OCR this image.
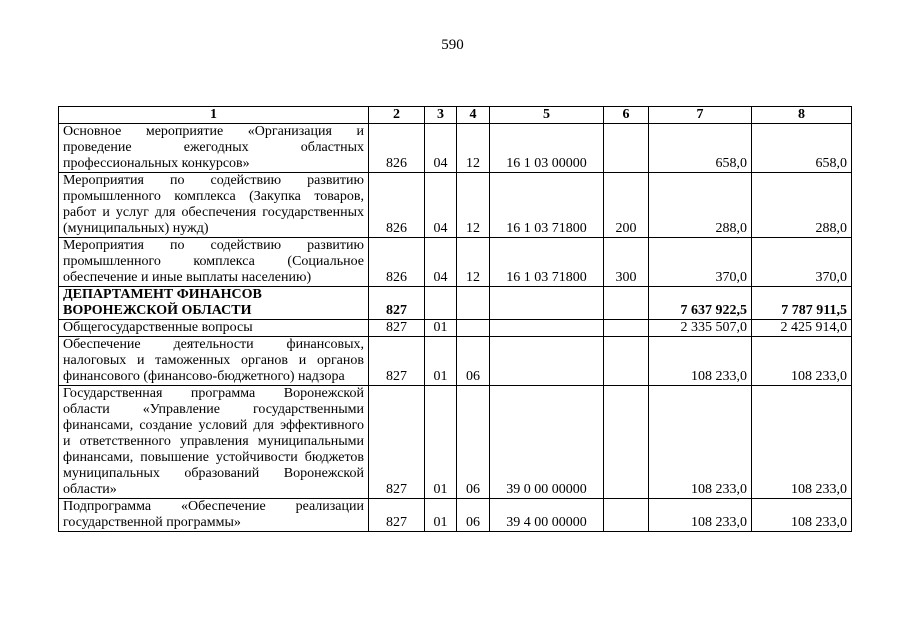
590
1	2	3	4	5	6	7	8
Основное мероприятие «Организация и проведение ежегодных областных профессиональных конкурсов»	826	04	12	16 1 03 00000		658,0	658,0
Мероприятия по содействию развитию промышленного комплекса (Закупка товаров, работ и услуг для обеспечения государственных (муниципальных) нужд)	826	04	12	16 1 03 71800	200	288,0	288,0
Мероприятия по содействию развитию промышленного комплекса (Социальное обеспечение и иные выплаты населению)	826	04	12	16 1 03 71800	300	370,0	370,0
ДЕПАРТАМЕНТ ФИНАНСОВ ВОРОНЕЖСКОЙ ОБЛАСТИ	827					7 637 922,5	7 787 911,5
Общегосударственные вопросы	827	01				2 335 507,0	2 425 914,0
Обеспечение деятельности финансовых, налоговых и таможенных органов и органов финансового (финансово-бюджетного) надзора	827	01	06			108 233,0	108 233,0
Государственная программа Воронежской области «Управление государственными финансами, создание условий для эффективного и ответственного управления муниципальными финансами, повышение устойчивости бюджетов муниципальных образований Воронежской области»	827	01	06	39 0 00 00000		108 233,0	108 233,0
Подпрограмма «Обеспечение реализации государственной программы»	827	01	06	39 4 00 00000		108 233,0	108 233,0
